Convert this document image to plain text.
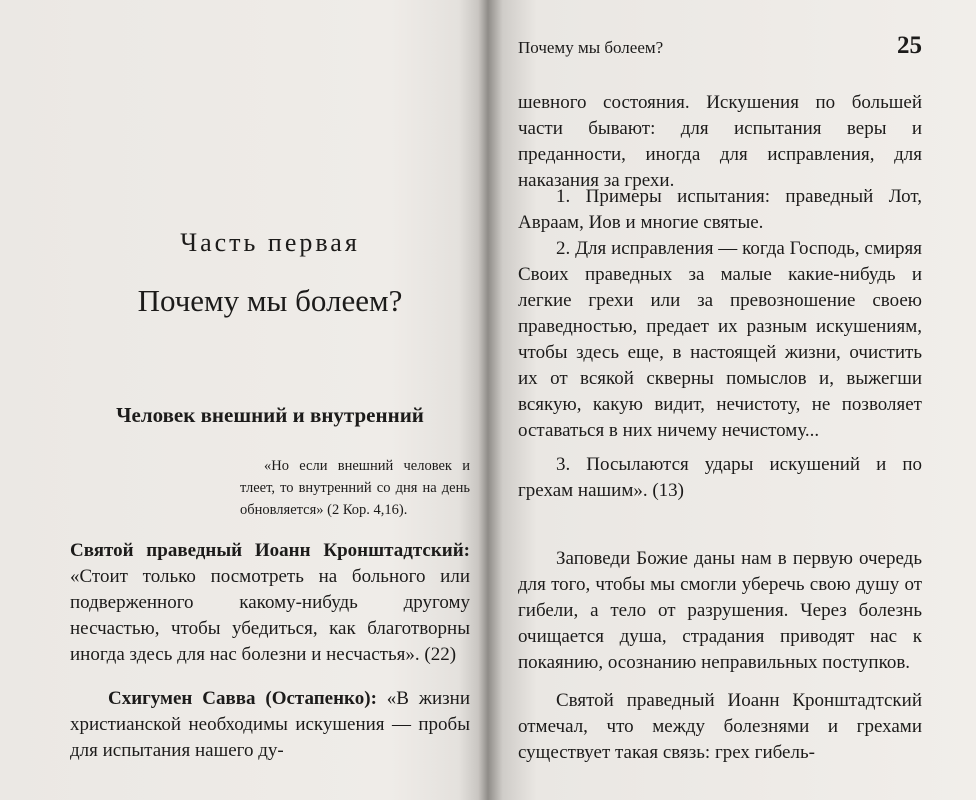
Часть первая
Почему мы болеем?
Человек внешний и внутренний
«Но если внешний человек и тлеет, то внутренний со дня на день обновляется» (2 Кор. 4,16).
Святой праведный Иоанн Кронштадтский: «Стоит только посмотреть на больного или подверженного какому-нибудь другому несчастью, чтобы убедиться, как благотворны иногда здесь для нас болезни и несчастья». (22)
Схигумен Савва (Остапенко): «В жизни христианской необходимы искушения — пробы для испытания нашего ду-
Почему мы болеем?	25
шевного состояния. Искушения по большей части бывают: для испытания веры и преданности, иногда для исправления, для наказания за грехи.
1. Примеры испытания: праведный Лот, Авраам, Иов и многие святые.
2. Для исправления — когда Господь, смиряя Своих праведных за малые какие-нибудь и легкие грехи или за превозношение своею праведностью, предает их разным искушениям, чтобы здесь еще, в настоящей жизни, очистить их от всякой скверны помыслов и, выжегши всякую, какую видит, нечистоту, не позволяет оставаться в них ничему нечистому...
3. Посылаются удары искушений и по грехам нашим». (13)
Заповеди Божие даны нам в первую очередь для того, чтобы мы смогли уберечь свою душу от гибели, а тело от разрушения. Через болезнь очищается душа, страдания приводят нас к покаянию, осознанию неправильных поступков.
Святой праведный Иоанн Кронштадтский отмечал, что между болезнями и грехами существует такая связь: грех гибель-
